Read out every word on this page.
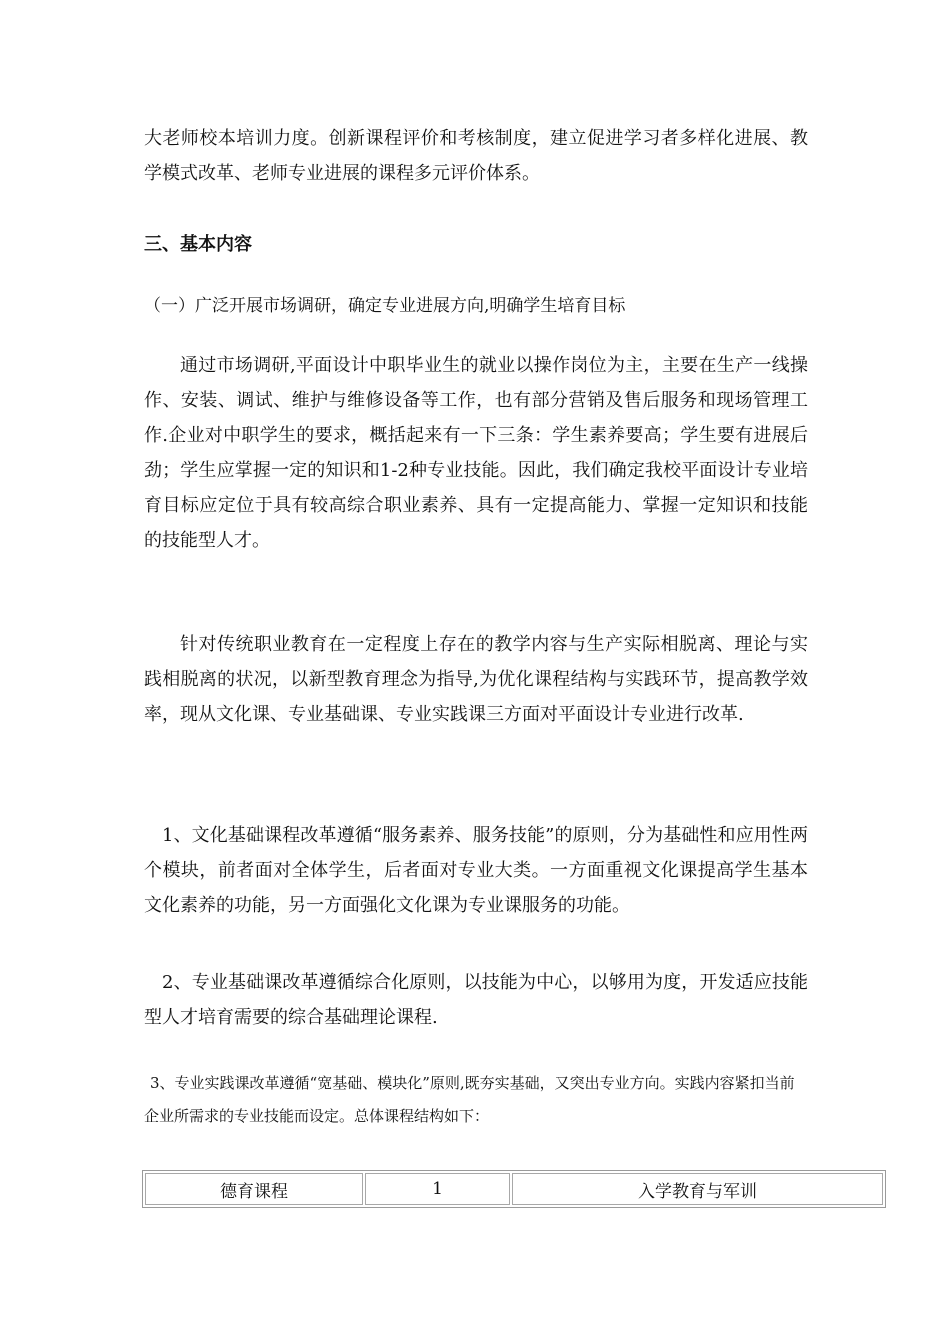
大老师校本培训力度。创新课程评价和考核制度，建立促进学习者多样化进展、教学模式改革、老师专业进展的课程多元评价体系。

三、基本内容
（一）广泛开展市场调研，确定专业进展方向,明确学生培育目标

通过市场调研,平面设计中职毕业生的就业以操作岗位为主，主要在生产一线操作、安装、调试、维护与维修设备等工作，也有部分营销及售后服务和现场管理工作.企业对中职学生的要求，概括起来有一下三条：学生素养要高；学生要有进展后劲；学生应掌握一定的知识和1-2种专业技能。因此，我们确定我校平面设计专业培育目标应定位于具有较高综合职业素养、具有一定提高能力、掌握一定知识和技能的技能型人才。

针对传统职业教育在一定程度上存在的教学内容与生产实际相脱离、理论与实践相脱离的状况，以新型教育理念为指导,为优化课程结构与实践环节，提高教学效率，现从文化课、专业基础课、专业实践课三方面对平面设计专业进行改革.

1、文化基础课程改革遵循“服务素养、服务技能”的原则，分为基础性和应用性两个模块，前者面对全体学生，后者面对专业大类。一方面重视文化课提高学生基本文化素养的功能，另一方面强化文化课为专业课服务的功能。

2、专业基础课改革遵循综合化原则，以技能为中心，以够用为度，开发适应技能型人才培育需要的综合基础理论课程.

3、专业实践课改革遵循“宽基础、模块化”原则,既夯实基础，又突出专业方向。实践内容紧扣当前企业所需求的专业技能而设定。总体课程结构如下：

德育课程	1	入学教育与军训
